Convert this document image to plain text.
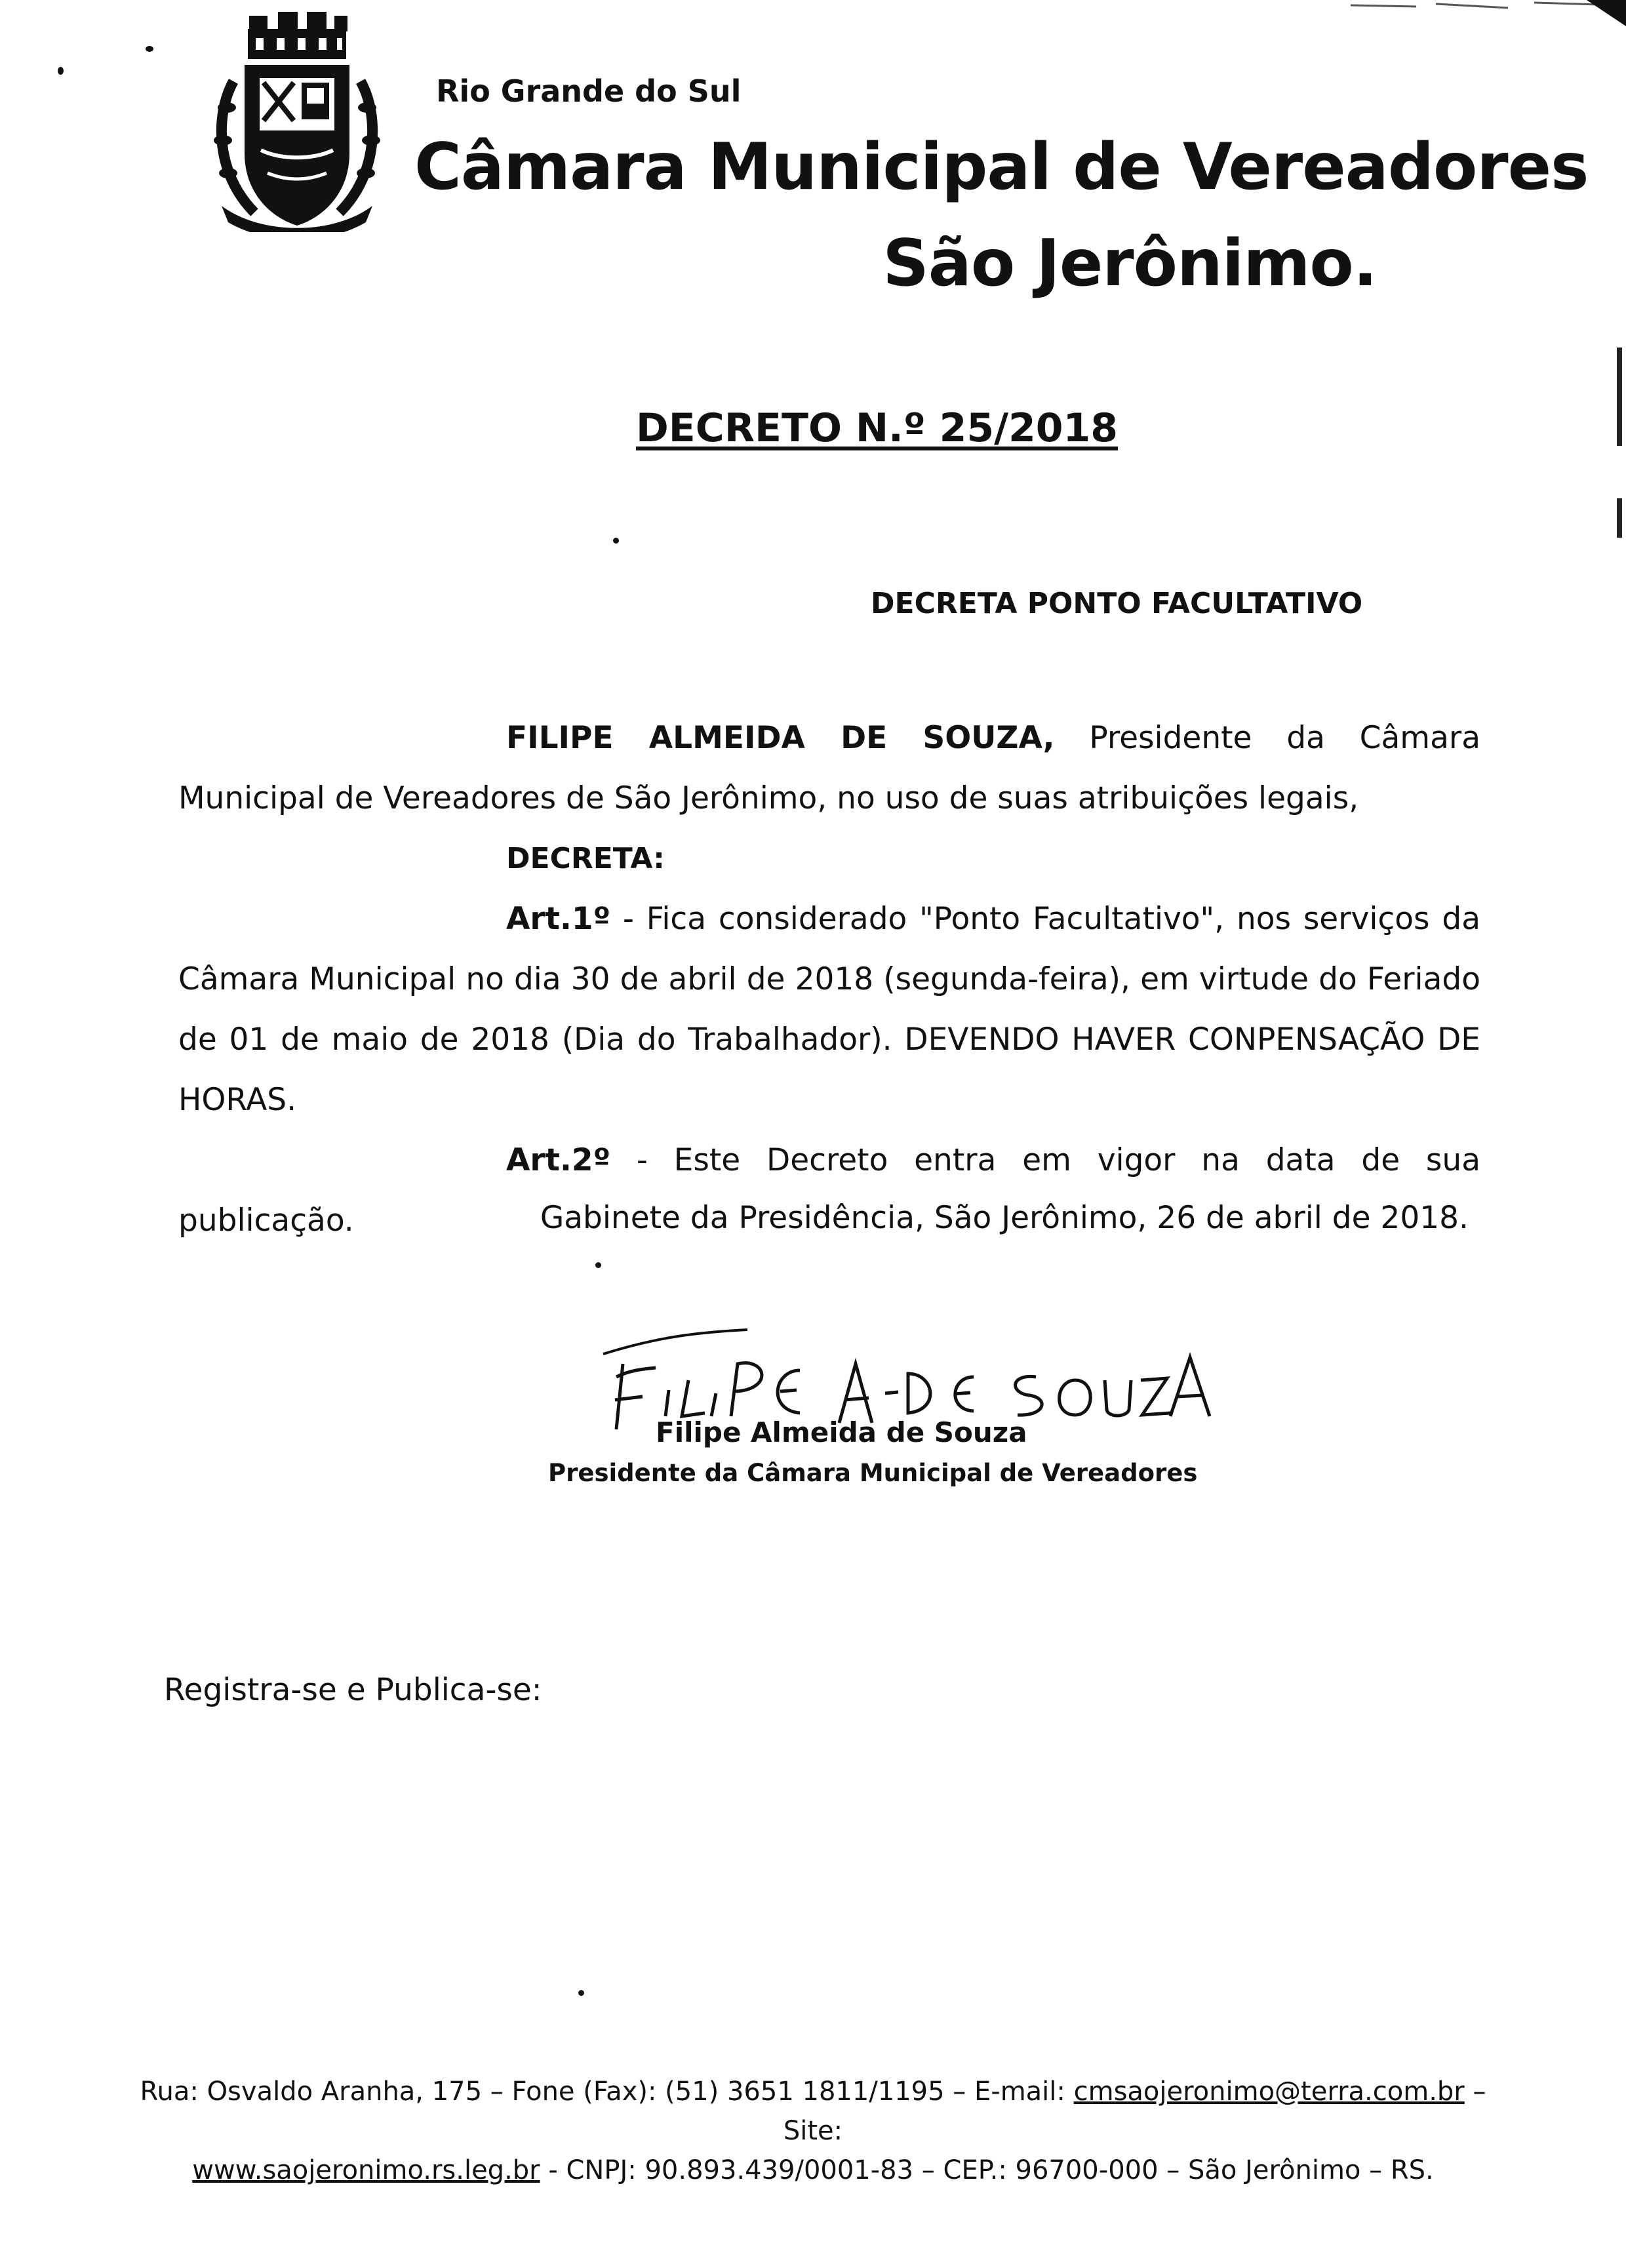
Rio Grande do Sul
Câmara Municipal de Vereadores
São Jerônimo.
DECRETO N.º 25/2018
DECRETA PONTO FACULTATIVO

FILIPE ALMEIDA DE SOUZA, Presidente da Câmara Municipal de Vereadores de São Jerônimo, no uso de suas atribuições legais,

DECRETA:

Art.1º - Fica considerado "Ponto Facultativo", nos serviços da Câmara Municipal no dia 30 de abril de 2018 (segunda-feira), em virtude do Feriado de 01 de maio de 2018 (Dia do Trabalhador). DEVENDO HAVER CONPENSAÇÃO DE HORAS.

Art.2º - Este Decreto entra em vigor na data de sua publicação.	Gabinete da Presidência, São Jerônimo, 26 de abril de 2018.
Filipe Almeida de Souza
Presidente da Câmara Municipal de Vereadores
Registra-se e Publica-se:
Rua: Osvaldo Aranha, 175 – Fone (Fax): (51) 3651 1811/1195 – E-mail: cmsaojeronimo@terra.com.br – Site:
www.saojeronimo.rs.leg.br - CNPJ: 90.893.439/0001-83 – CEP.: 96700-000 – São Jerônimo – RS.
